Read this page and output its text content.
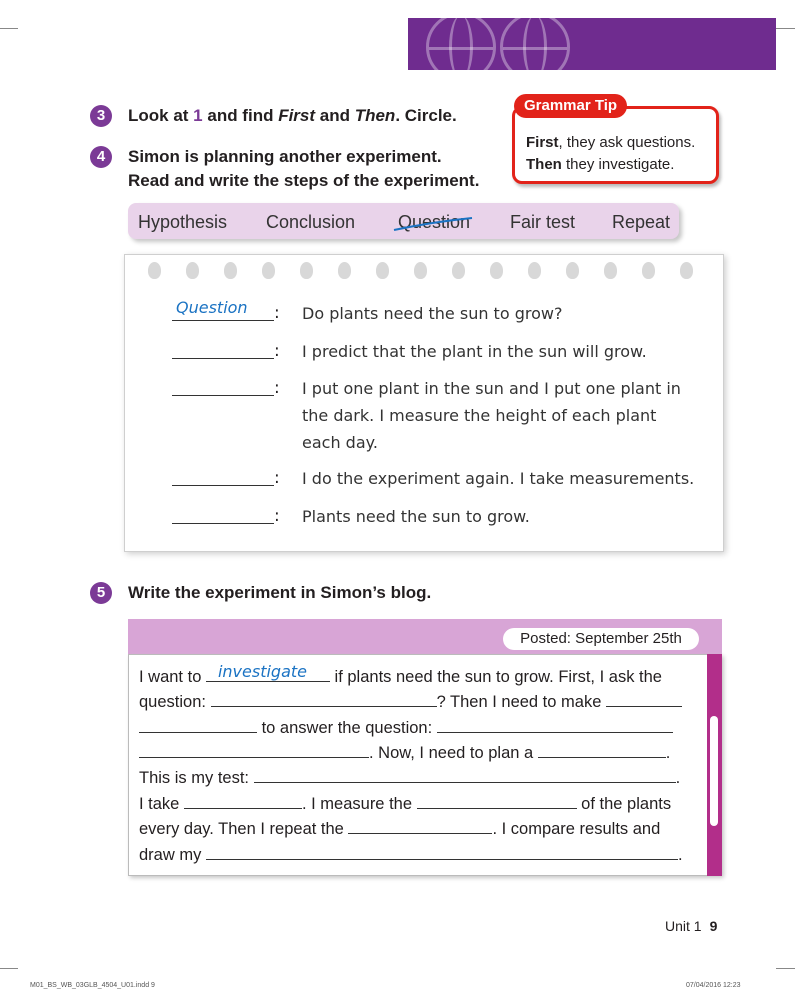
3	Look at 1 and find First and Then. Circle.
4	Simon is planning another experiment.
Read and write the steps of the experiment.
Grammar Tip
First, they ask questions.
Then they investigate.
Hypothesis Conclusion Question Fair test Repeat
Question	: Do plants need the sun to grow?
: I predict that the plant in the sun will grow.
: I put one plant in the sun and I put one plant in
the dark. I measure the height of each plant
each day.
: I do the experiment again. I take measurements.
: Plants need the sun to grow.
5	Write the experiment in Simon’s blog.
Posted: September 25th
I want to investigate if plants need the sun to grow. First, I ask the
question:	? Then I need to make
to answer the question:
. Now, I need to plan a	.
This is my test:	.
I take	. I measure the	of the plants
every day. Then I repeat the	. I compare results and
draw my	.
Unit 1 9
M01_BS_WB_03GLB_4504_U01.indd 9	07/04/2016 12:23
